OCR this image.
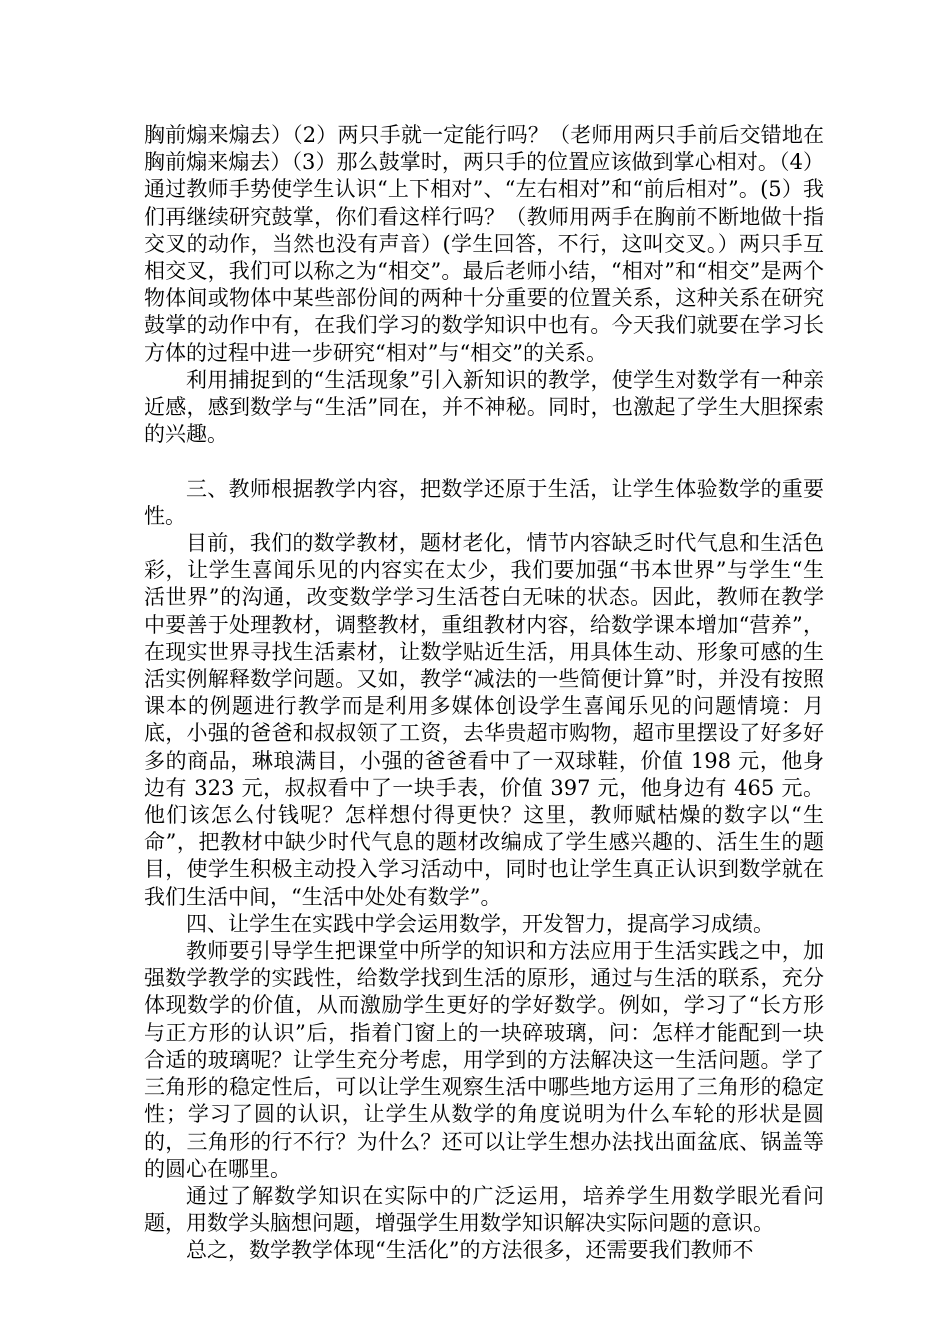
胸前煽来煽去）（2）两只手就一定能行吗？（老师用两只手前后交错地在胸前煽来煽去）（3）那么鼓掌时，两只手的位置应该做到掌心相对。（4）通过教师手势使学生认识“上下相对”、“左右相对”和“前后相对”。(5）我们再继续研究鼓掌，你们看这样行吗？（教师用两手在胸前不断地做十指交叉的动作，当然也没有声音）(学生回答，不行，这叫交叉。）两只手互相交叉，我们可以称之为“相交”。最后老师小结，“相对”和“相交”是两个物体间或物体中某些部份间的两种十分重要的位置关系，这种关系在研究鼓掌的动作中有，在我们学习的数学知识中也有。今天我们就要在学习长方体的过程中进一步研究“相对”与“相交”的关系。

利用捕捉到的“生活现象”引入新知识的教学，使学生对数学有一种亲近感，感到数学与“生活”同在，并不神秘。同时，也激起了学生大胆探索的兴趣。

三、教师根据教学内容，把数学还原于生活，让学生体验数学的重要性。

目前，我们的数学教材，题材老化，情节内容缺乏时代气息和生活色彩，让学生喜闻乐见的内容实在太少，我们要加强“书本世界”与学生“生活世界”的沟通，改变数学学习生活苍白无味的状态。因此，教师在教学中要善于处理教材，调整教材，重组教材内容，给数学课本增加“营养”，在现实世界寻找生活素材，让数学贴近生活，用具体生动、形象可感的生活实例解释数学问题。又如，教学“减法的一些简便计算”时，并没有按照课本的例题进行教学而是利用多媒体创设学生喜闻乐见的问题情境：月底，小强的爸爸和叔叔领了工资，去华贵超市购物，超市里摆设了好多好多的商品，琳琅满目，小强的爸爸看中了一双球鞋，价值 198 元，他身边有 323 元，叔叔看中了一块手表，价值 397 元，他身边有 465 元。他们该怎么付钱呢？怎样想付得更快？这里，教师赋枯燥的数字以“生命”，把教材中缺少时代气息的题材改编成了学生感兴趣的、活生生的题目，使学生积极主动投入学习活动中，同时也让学生真正认识到数学就在我们生活中间，“生活中处处有数学”。

四、让学生在实践中学会运用数学，开发智力，提高学习成绩。

教师要引导学生把课堂中所学的知识和方法应用于生活实践之中，加强数学教学的实践性，给数学找到生活的原形，通过与生活的联系，充分体现数学的价值，从而激励学生更好的学好数学。例如，学习了“长方形与正方形的认识”后，指着门窗上的一块碎玻璃，问：怎样才能配到一块合适的玻璃呢？让学生充分考虑，用学到的方法解决这一生活问题。学了三角形的稳定性后，可以让学生观察生活中哪些地方运用了三角形的稳定性；学习了圆的认识，让学生从数学的角度说明为什么车轮的形状是圆的，三角形的行不行？为什么？还可以让学生想办法找出面盆底、锅盖等的圆心在哪里。

通过了解数学知识在实际中的广泛运用，培养学生用数学眼光看问题，用数学头脑想问题，增强学生用数学知识解决实际问题的意识。

总之，数学教学体现“生活化”的方法很多，还需要我们教师不
